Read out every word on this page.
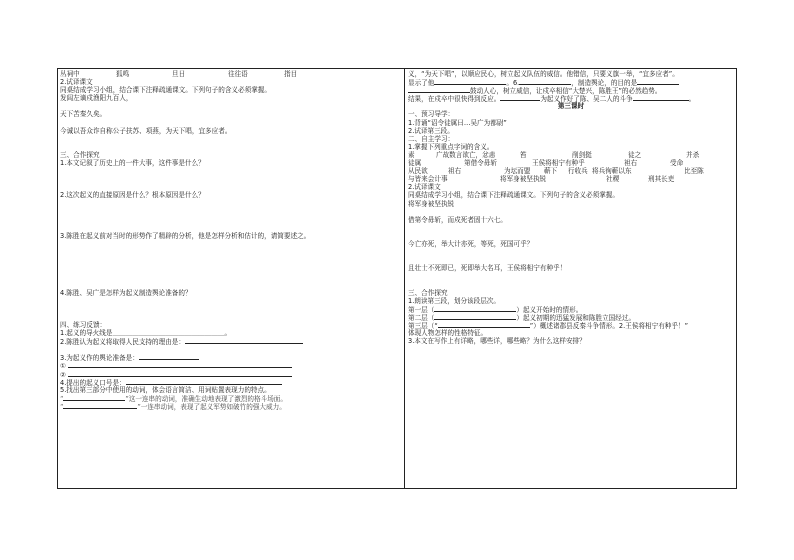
丛祠中	狐鸣	旦日	往往语	指目
2.试译课文
同桌结成学习小组，结合课下注释疏通课文。下列句子的含义必须掌握。
发闾左谪戍渔阳九百人，
天下苦秦久矣。
今诚以吾众诈自称公子扶苏、项燕，为天下唱，宜多应者。
三、合作探究
1.本文记叙了历史上的一件大事，这件事是什么？
2.这次起义的直接原因是什么？根本原因是什么？
3.陈胜在起义前对当时的形势作了精辟的分析，他是怎样分析和估计的，请简要述之。
4.陈胜、吴广是怎样为起义制造舆论准备的？
四、练习反馈：
1.起义的导火线是＿＿＿＿＿＿＿＿＿＿＿＿＿＿＿＿＿。
2.陈胜认为起义将取得人民支持的理由是：
3.为起义作的舆论准备是：
①
②
4.提出的起义口号是：
5.找出第三部分中使用的动词，体会语言简洁、用词贴置表现力的特点。
“	”这一连串的动词，准确生动地表现了激烈的格斗场面。
“	”一连串动词，表现了起义军势如破竹的强大威力。
义，“为天下唱”，以顺应民心，树立起义队伍的威信。他错信，只要义旗一举，“宜多应者”。
显示了他	。6.	，制造舆论，的目的是
鼓动人心，树立威信，让戍卒相信“大楚兴，陈胜王”的必然趋势。
结果，在戍卒中很快得到反应。	为起义作好了陈、吴二人的斗争	。
第三课时
一、预习导学：
1.背诵“诏令徒属曰…吴广为都尉”
2.试译第三段。
二、自主学习：
1.掌握下列重点字词的含义。
素	广故数言欲亡，忿恚	笞	削剑挺	徒之	并杀
徒属	第借令毋斩	王侯将相宁有种乎	袒右	受命
从民欲	祖右	为坛而盟 蕲下 行收兵 将兵徇蕲以东	比至陈
与皆来会计事	将军身被坚执锐	社稷	刑其长吏
2.试译课文
同桌结成学习小组，结合课下注释疏通课文。下列句子的含义必须掌握。
将军身被坚执锐
借第令毋斩，而戍死者固十六七。
今亡亦死，举大计亦死，等死，死国可乎？
且壮士不死即已，死即举大名耳，王侯将相宁有种乎！
三、合作探究
1.朗读第三段，划分该段层次。
第一层（	）起义开始时的情形。
第二层（	）起义初期的迅猛发展和陈胜立国经过。
第三层（“	”）概述诸郡县反秦斗争情形。2.王侯将相宁有种乎！”
体现人物怎样的性格特征。
3.本文在写作上有详略，哪些详，哪些略？为什么这样安排？
